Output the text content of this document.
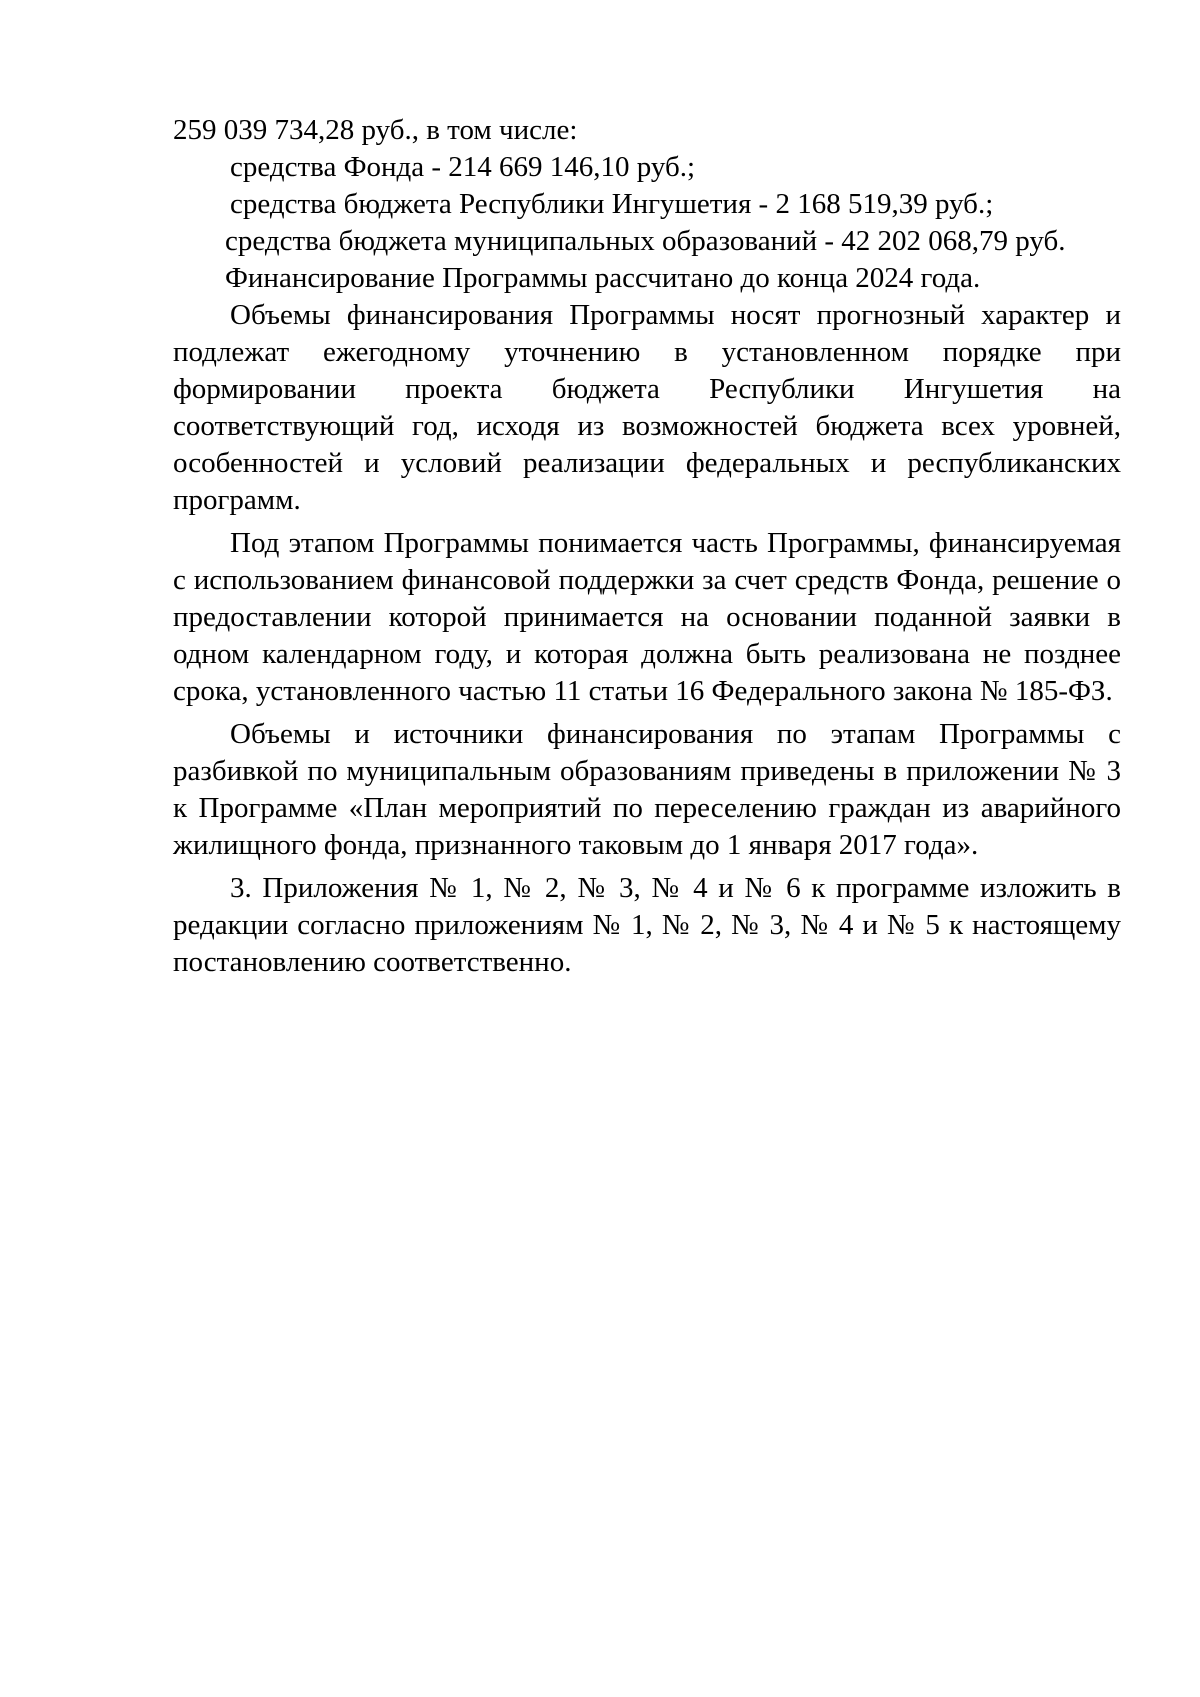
259 039 734,28 руб., в том числе:

средства Фонда - 214 669 146,10 руб.;

средства бюджета Республики Ингушетия - 2 168 519,39 руб.;

средства бюджета муниципальных образований - 42 202 068,79 руб.

Финансирование Программы рассчитано до конца 2024 года.

Объемы финансирования Программы носят прогнозный характер и подлежат ежегодному уточнению в установленном порядке при формировании проекта бюджета Республики Ингушетия на соответствующий год, исходя из возможностей бюджета всех уровней, особенностей и условий реализации федеральных и республиканских программ.

Под этапом Программы понимается часть Программы, финансируемая с использованием финансовой поддержки за счет средств Фонда, решение о предоставлении которой принимается на основании поданной заявки в одном календарном году, и которая должна быть реализована не позднее срока, установленного частью 11 статьи 16 Федерального закона № 185-ФЗ.

Объемы и источники финансирования по этапам Программы с разбивкой по муниципальным образованиям приведены в приложении № 3 к Программе «План мероприятий по переселению граждан из аварийного жилищного фонда, признанного таковым до 1 января 2017 года».

3. Приложения № 1, № 2, № 3, № 4 и № 6 к программе изложить в редакции согласно приложениям № 1, № 2, № 3, № 4 и № 5 к настоящему постановлению соответственно.
